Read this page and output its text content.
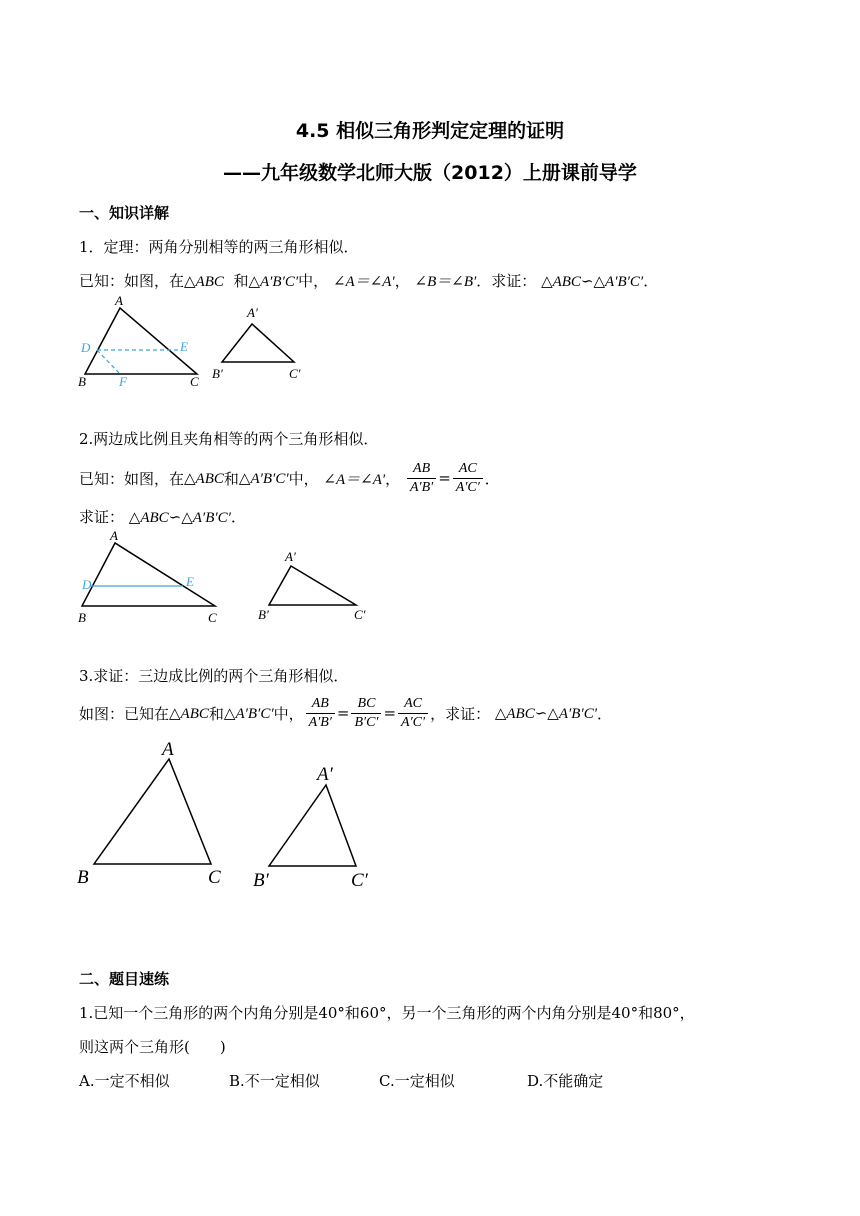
4.5 相似三角形判定定理的证明
——九年级数学北师大版（2012）上册课前导学
一、知识详解
1．定理：两角分别相等的两三角形相似．
已知：如图，在△ABC 和△A′B′C′中， ∠A＝∠A′， ∠B＝∠B′．求证： △ABC∽△A′B′C′．
A
D	E
B	F	C
A′
B′	C′
2.两边成比例且夹角相等的两个三角形相似．
已知：如图，在 △ABC 和 △A′B′C′ 中，
∠A＝∠A′ ，
$\frac{AB}{A'B'} = \frac{AC}{A'C'}$ ．
求证： △ABC∽△A′B′C′．
A
D	E
B	C
A′
B′	C′
3.求证：三边成比例的两个三角形相似．
如图：已知在 △ABC 和 △A′B′C′ 中， $\frac{AB}{A'B'} = \frac{BC}{B'C'} = \frac{AC}{A'C'}$ ，求证：
△ABC∽△A′B′C′ ．
A
B	C
A′
B′	C′
二、题目速练
1.已知一个三角形的两个内角分别是40°和60°，另一个三角形的两个内角分别是40°和80°，
则这两个三角形(　　)
A.一定不相似	B.不一定相似	C.一定相似	D.不能确定
